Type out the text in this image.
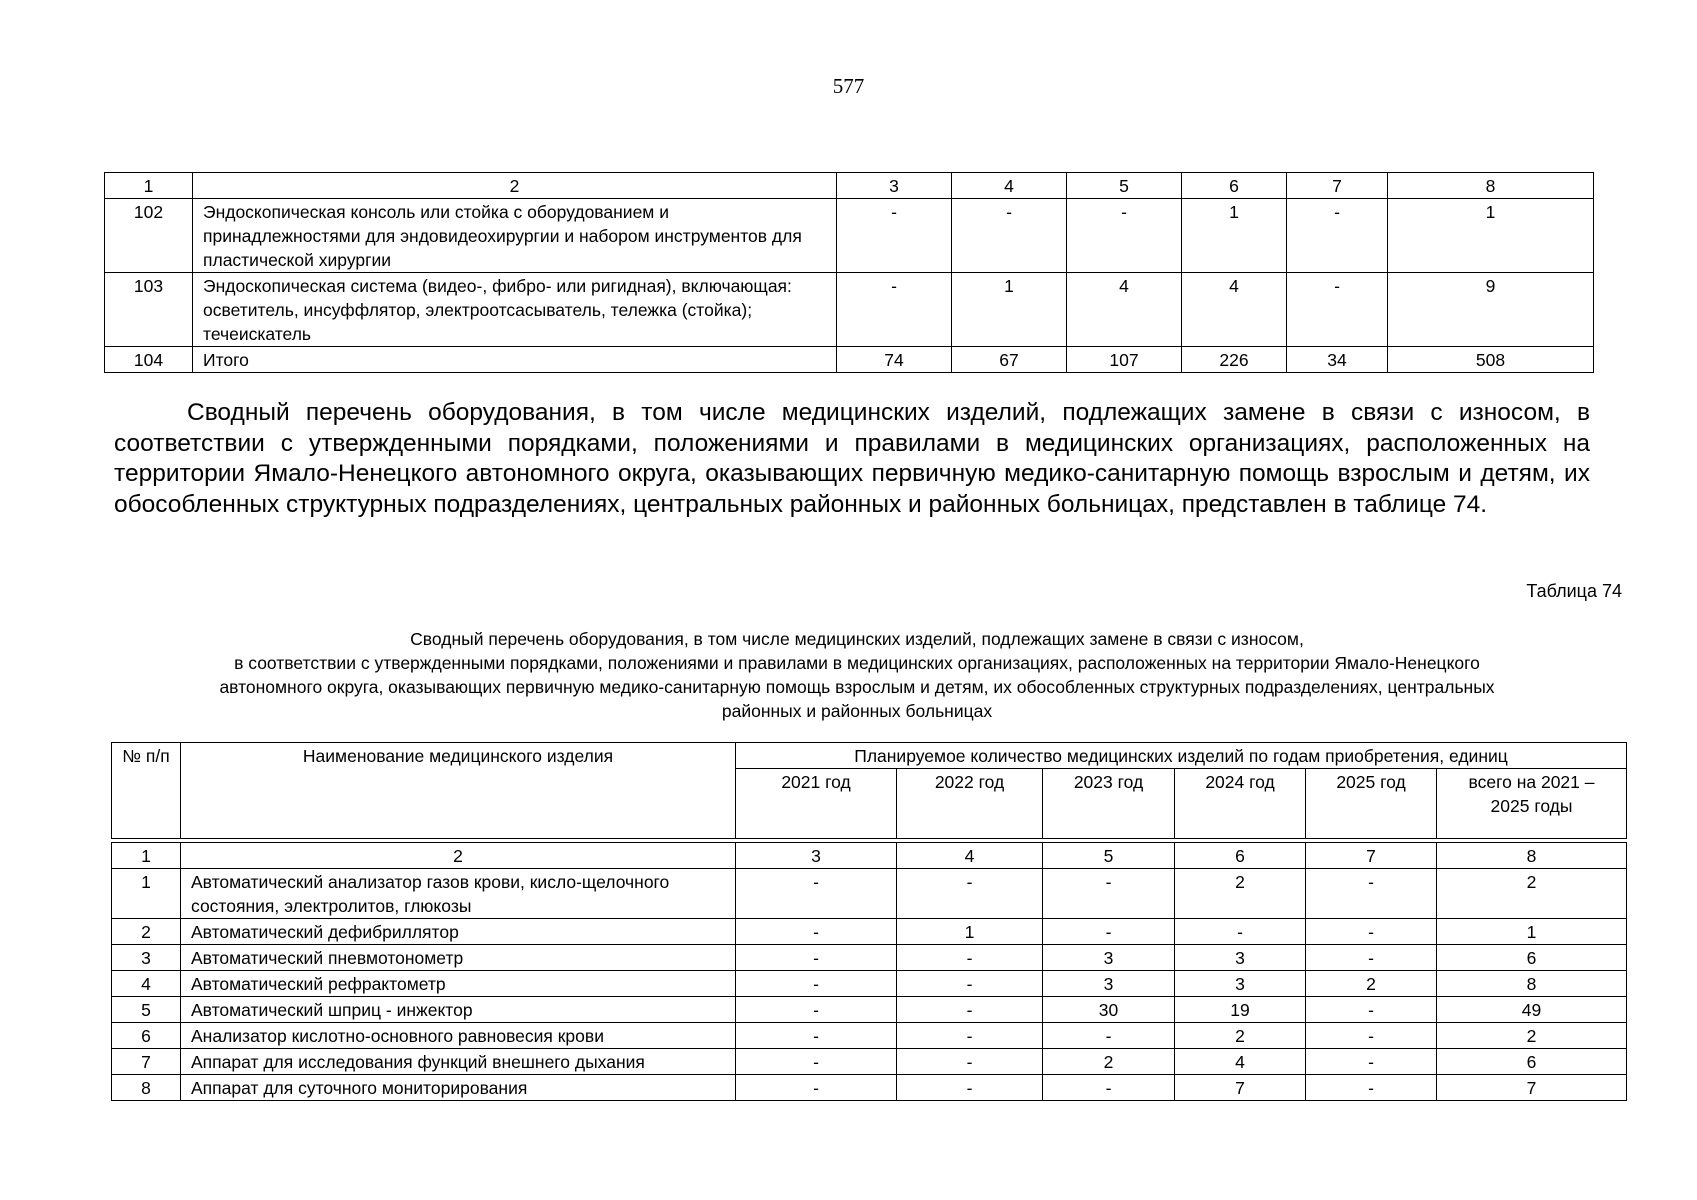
577
1	2	3	4	5	6	7	8
102	Эндоскопическая консоль или стойка с оборудованием и принадлежностями для эндовидеохирургии и набором инструментов для пластической хирургии	-	-	-	1	-	1
103	Эндоскопическая система (видео-, фибро- или ригидная), включающая: осветитель, инсуффлятор, электроотсасыватель, тележка (стойка); течеискатель	-	1	4	4	-	9
104	Итого	74	67	107	226	34	508

Сводный перечень оборудования, в том числе медицинских изделий, подлежащих замене в связи с износом, в соответствии с утвержденными порядками, положениями и правилами в медицинских организациях, расположенных на территории Ямало-Ненецкого автономного округа, оказывающих первичную медико-санитарную помощь взрослым и детям, их обособленных структурных подразделениях, центральных районных и районных больницах, представлен в таблице 74.

Таблица 74
Сводный перечень оборудования, в том числе медицинских изделий, подлежащих замене в связи с износом,
в соответствии с утвержденными порядками, положениями и правилами в медицинских организациях, расположенных на территории Ямало-Ненецкого
автономного округа, оказывающих первичную медико-санитарную помощь взрослым и детям, их обособленных структурных подразделениях, центральных
районных и районных больницах
№ п/п	Наименование медицинского изделия	Планируемое количество медицинских изделий по годам приобретения, единиц					
		2021 год	2022 год	2023 год	2024 год	2025 год	всего на 2021 – 2025 годы

1	2	3	4	5	6	7	8
1	Автоматический анализатор газов крови, кисло-щелочного состояния, электролитов, глюкозы	-	-	-	2	-	2
2	Автоматический дефибриллятор	-	1	-	-	-	1
3	Автоматический пневмотонометр	-	-	3	3	-	6
4	Автоматический рефрактометр	-	-	3	3	2	8
5	Автоматический шприц - инжектор	-	-	30	19	-	49
6	Анализатор кислотно-основного равновесия крови	-	-	-	2	-	2
7	Аппарат для исследования функций внешнего дыхания	-	-	2	4	-	6
8	Аппарат для суточного мониторирования	-	-	-	7	-	7
